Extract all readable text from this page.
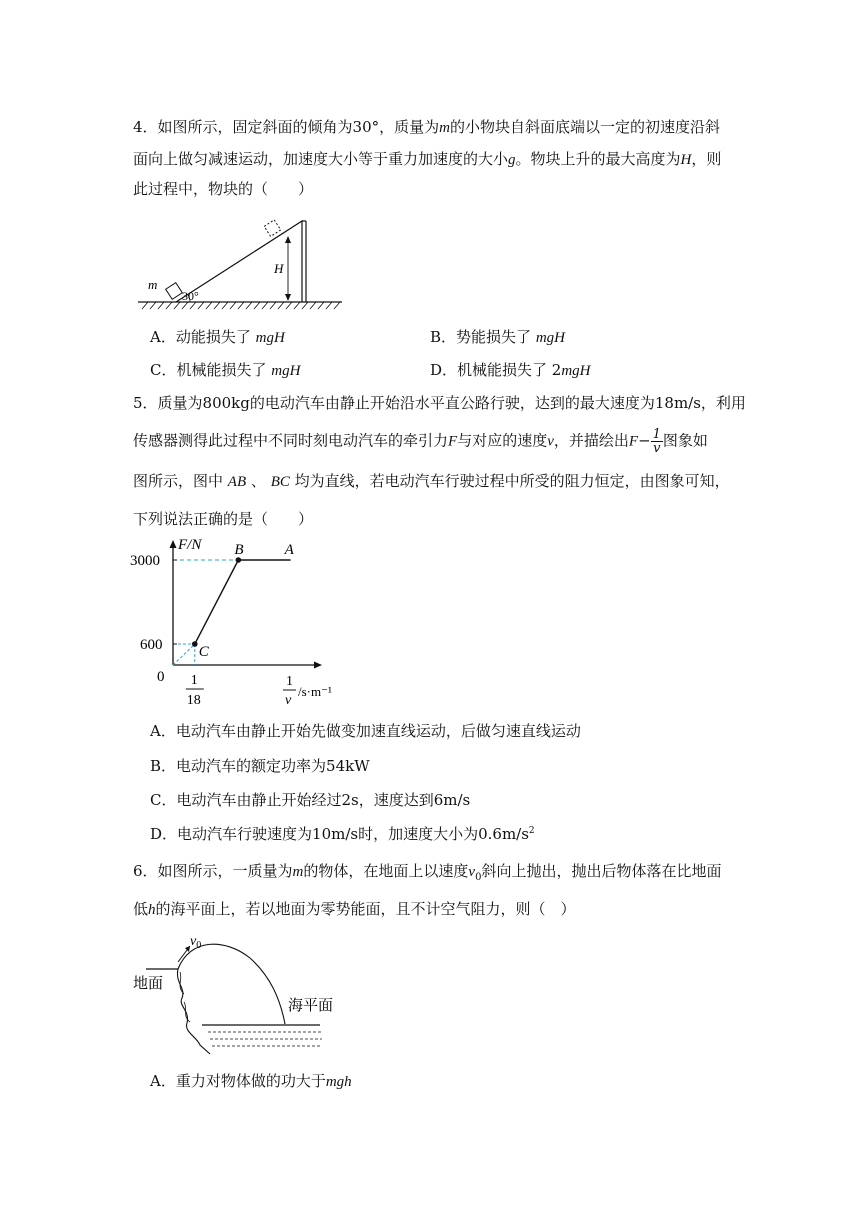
4．如图所示，固定斜面的倾角为30°，质量为m的小物块自斜面底端以一定的初速度沿斜
面向上做匀减速运动，加速度大小等于重力加速度的大小g。物块上升的最大高度为H，则
此过程中，物块的（　　）
m
30°
H
A．动能损失了 mgH	B．势能损失了 mgH
C．机械能损失了 mgH	D．机械能损失了 2mgH
5．质量为800kg的电动汽车由静止开始沿水平直公路行驶，达到的最大速度为18m/s，利用
传感器测得此过程中不同时刻电动汽车的牵引力F与对应的速度v，并描绘出$F- \frac{1}{v}$ 图象如
图所示，图中 AB 、 BC 均为直线，若电动汽车行驶过程中所受的阻力恒定，由图象可知，
下列说法正确的是（　　）
B	A
C
3000
600
1
18
F/N
0	1
v
/s·m⁻¹
A．电动汽车由静止开始先做变加速直线运动，后做匀速直线运动
B．电动汽车的额定功率为54kW
C．电动汽车由静止开始经过2s，速度达到6m/s
D．电动汽车行驶速度为10m/s时，加速度大小为$0.6m/s^2$
6．如图所示，一质量为m的物体，在地面上以速度$v_0$斜向上抛出，抛出后物体落在比地面
低h的海平面上，若以地面为零势能面，且不计空气阻力，则（　）
$v_0$
地面
海平面
A．重力对物体做的功大于mgh
